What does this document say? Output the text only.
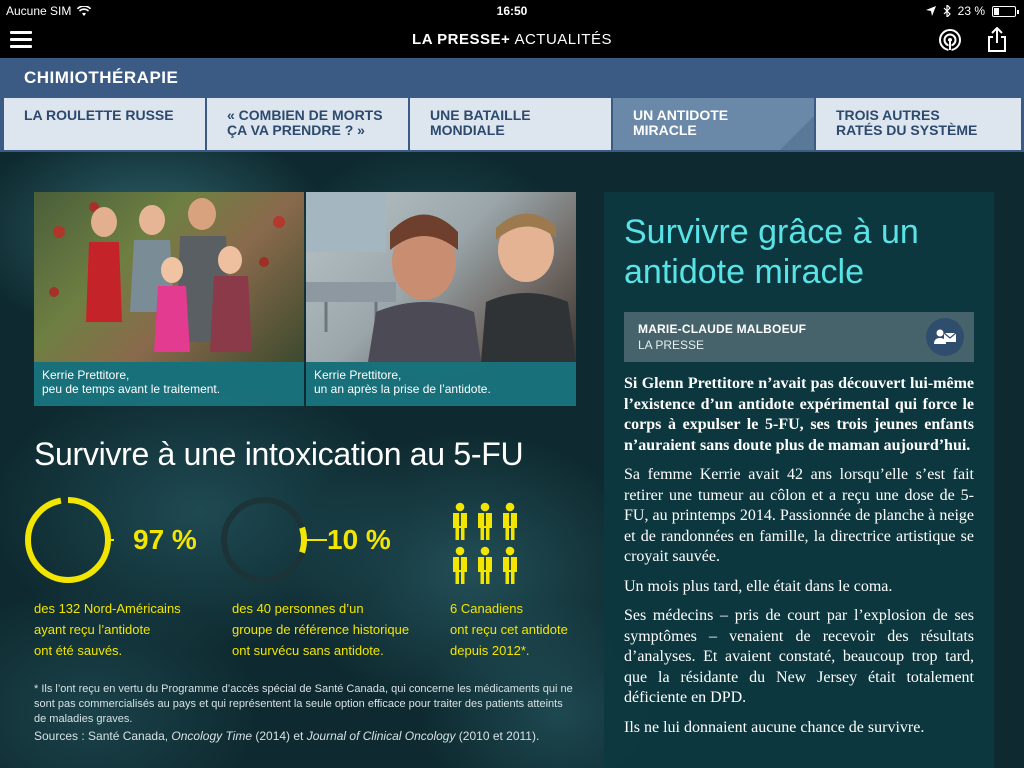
Aucune SIM	16:50	23 %
LA PRESSE+ ACTUALITÉS
CHIMIOTHÉRAPIE
LA ROULETTE RUSSE	« COMBIEN DE MORTS
ÇA VA PRENDRE ? »
UNE BATAILLE
MONDIALE
UN ANTIDOTE
MIRACLE
TROIS AUTRES
RATÉS DU SYSTÈME
Kerrie Prettitore,
peu de temps avant le traitement.
Kerrie Prettitore,
un an après la prise de l’antidote.
Survivre à une intoxication au 5-FU
97 %	10 %
des 132 Nord-Américains
ayant reçu l’antidote
ont été sauvés.
des 40 personnes d’un
groupe de référence historique
ont survécu sans antidote.
6 Canadiens
ont reçu cet antidote
depuis 2012*.
* Ils l’ont reçu en vertu du Programme d’accès spécial de Santé Canada, qui concerne les médicaments qui ne sont pas commercialisés au pays et qui représentent la seule option efficace pour traiter des patients atteints de maladies graves.
Sources : Santé Canada, Oncology Time (2014) et Journal of Clinical Oncology (2010 et 2011).
Survivre grâce à un antidote miracle
MARIE-CLAUDE MALBOEUF
LA PRESSE

Si Glenn Prettitore n’avait pas découvert lui-même l’existence d’un antidote expérimental qui force le corps à expulser le 5-FU, ses trois jeunes enfants n’auraient sans doute plus de maman aujourd’hui.

Sa femme Kerrie avait 42 ans lorsqu’elle s’est fait retirer une tumeur au côlon et a reçu une dose de 5-FU, au printemps 2014. Passionnée de planche à neige et de randonnées en famille, la directrice artistique se croyait sauvée.

Un mois plus tard, elle était dans le coma.

Ses médecins – pris de court par l’explosion de ses symptômes – venaient de recevoir des résultats d’analyses. Et avaient constaté, beaucoup trop tard, que la résidante du New Jersey était totalement déficiente en DPD.

Ils ne lui donnaient aucune chance de survivre.
